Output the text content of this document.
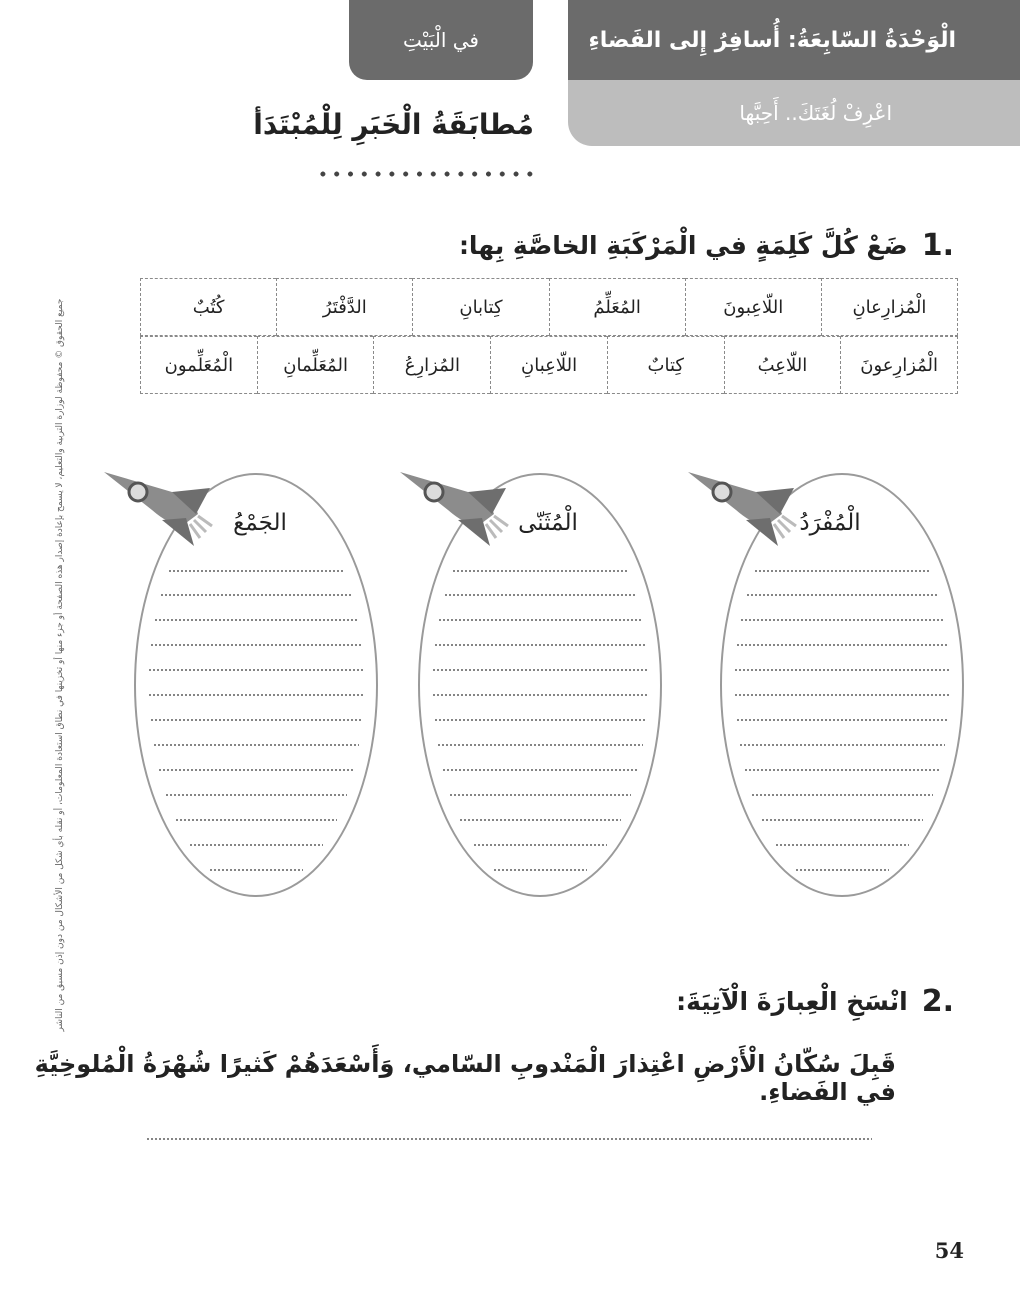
في الْبَيْتِ	الْوَحْدَةُ السّابِعَةُ: أُسافِرُ إِلى الفَضاءِ
اعْرِفْ لُغَتَكَ.. أَحِبَّها
مُطابَقَةُ الْخَبَرِ لِلْمُبْتَدَأ
1.
ضَعْ كُلَّ كَلِمَةٍ في الْمَرْكَبَةِ الخاصَّةِ بِها:
الْمُزارِعانِ	اللّاعِبونَ	المُعَلِّمُ	كِتابانِ	الدَّفْتَرُ	كُتُبٌ
الْمُزارِعونَ	اللّاعِبُ	كِتابٌ	اللّاعِبانِ	المُزارِعُ	المُعَلِّمانِ	الْمُعَلِّمون
الْمُفْرَدُ
الْمُثَنّى
الجَمْعُ
2.
انْسَخِ الْعِبارَةَ الْآتِيَةَ:
قَبِلَ سُكّانُ الْأَرْضِ اعْتِذارَ الْمَنْدوبِ السّامي، وَأَسْعَدَهُمْ كَثيرًا شُهْرَةُ الْمُلوخِيَّةِ في الفَضاءِ.
جميع الحقوق © محفوظة لوزارة التربية والتعليم، لا يسمح بإعادة إصدار هذه الصفحة أو جزء منها أو تخزينها في نطاق استعادة المعلومات، أو نقله بأي شكل من الأشكال من دون إذن مسبق من الناشر
54
